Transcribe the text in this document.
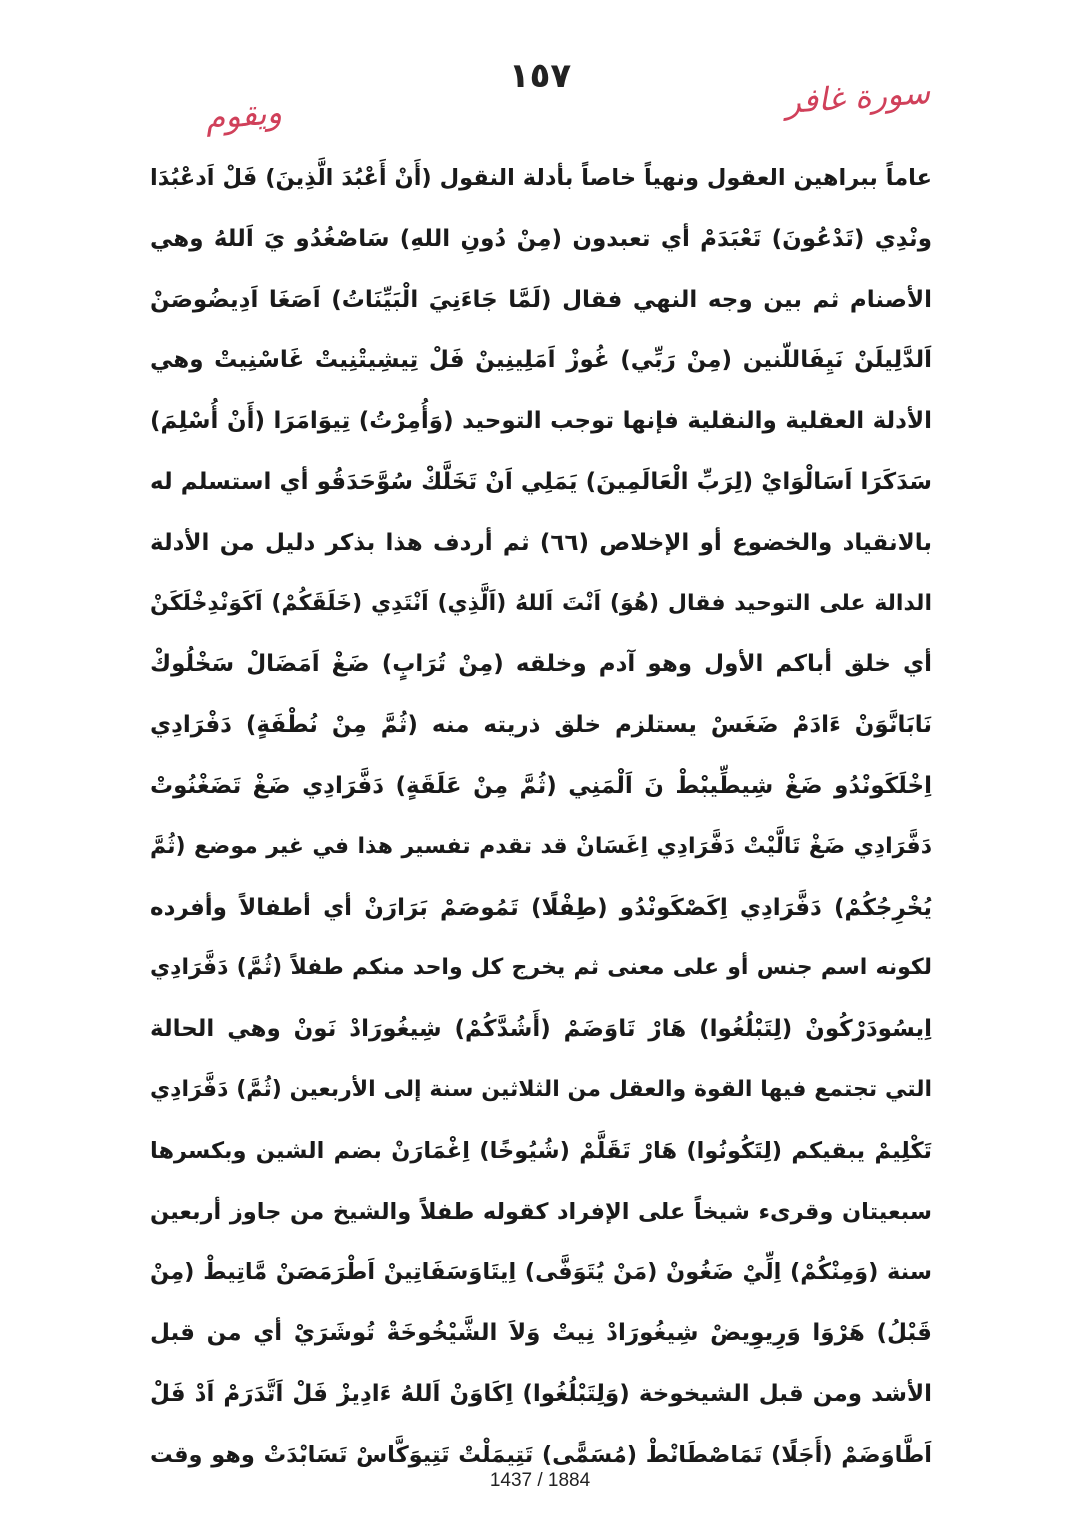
سورة غافر
١٥٧
ويقوم
عاماً ببراهين العقول ونهياً خاصاً بأدلة النقول (أَنْ أَعْبُدَ الَّذِينَ) فَلْ اَدعْبُدَا
ونْدِي (تَدْعُونَ) تَعْبَدَمْ أي تعبدون (مِنْ دُونِ اللهِ) سَاصْغُدُو يَ اَللهُ وهي
الأصنام ثم بين وجه النهي فقال (لَمَّا جَاءَنِيَ الْبَيِّنَاتُ) اَصَغَا اَدِيضُوصَنْ
اَلدَّلِيلَنْ نَيِفَاللّنين (مِنْ رَبِّي) غُوزْ اَمَلِينِينْ فَلْ تِيشِيتْنِيتْ غَاسْنِيتْ وهي
الأدلة العقلية والنقلية فإنها توجب التوحيد (وَأُمِرْتُ) تِيوَامَرَا (أَنْ أُسْلِمَ)
سَدَكَرَا اَسَالْوَايْ (لِرَبِّ الْعَالَمِينَ) يَمَلِي اَنْ تَخَلَّكْ سُوَّحَدَقُو أي استسلم له
بالانقياد والخضوع أو الإخلاص (٦٦) ثم أردف هذا بذكر دليل من الأدلة
الدالة على التوحيد فقال (هُوَ) اَنْتَ اَللهُ (اَلَّذِي) اَنْتَدِي (خَلَقَكُمْ) اَكَوَنْدِخْلَكَنْ
أي خلق أباكم الأول وهو آدم وخلقه (مِنْ تُرَابٍ) ضَغْ اَمَضَالْ سَخْلُوكْ
نَابَانَّوَنْ ءَادَمْ ضَغَسْ يستلزم خلق ذريته منه (ثُمَّ مِنْ نُطْفَةٍ) دَفْرَادِي
اِخْلَكَونْدُو ضَغْ شِيطِّيبْطْ نَ اَلْمَنِي (ثُمَّ مِنْ عَلَقَةٍ) دَفَّرَادِي ضَغْ تَضَغْنُوتْ
دَفَّرَادِي ضَغْ تَالَّيْتْ دَفَّرَادِي اِغَسَانْ قد تقدم تفسير هذا في غير موضع (ثُمَّ
يُخْرِجُكُمْ) دَفَّرَادِي اِكَصْكَونْدُو (طِفْلًا) تَمُوصَمْ بَرَارَنْ أي أطفالاً وأفرده
لكونه اسم جنس أو على معنى ثم يخرج كل واحد منكم طفلاً (ثُمَّ) دَفَّرَادِي
اِيسُودَرْكُونْ (لِتَبْلُغُوا) هَارْ تَاوَضَمْ (أَشُدَّكُمْ) شِيغُورَادْ نَونْ وهي الحالة
التي تجتمع فيها القوة والعقل من الثلاثين سنة إلى الأربعين (ثُمَّ) دَفَّرَادِي
تَكْلِيمْ يبقيكم (لِتَكُونُوا) هَارْ تَقَلَّمْ (شُيُوخًا) اِغْمَارَنْ بضم الشين وبكسرها
سبعيتان وقرىء شيخاً على الإفراد كقوله طفلاً والشيخ من جاوز أربعين
سنة (وَمِنْكُمْ) اِلِّيْ ضَغُونْ (مَنْ يُتَوَفَّى) اِيتَاوَسَفَاتِينْ اَطْرَمَصَنْ مَّاتِيطْ (مِنْ
قَبْلُ) هَرْوَا وَرِيوِيضْ شِيغُورَادْ نِيتْ وَلاَ الشَّيْخُوخَةْ تُوشَرَيْ أي من قبل
الأشد ومن قبل الشيخوخة (وَلِتَبْلُغُوا) اِكَاوَنْ اَللهُ ءَادِيزْ فَلْ اَتَّدَرَمْ اَدْ فَلْ
اَطَّاوَضَمْ (أَجَلًا) تَمَاصْطَانْطْ (مُسَمًّى) تَتِيمَلْتْ تَتِيوَكَّاسْ تَسَابْدَتْ وهو وقت
1437 / 1884
